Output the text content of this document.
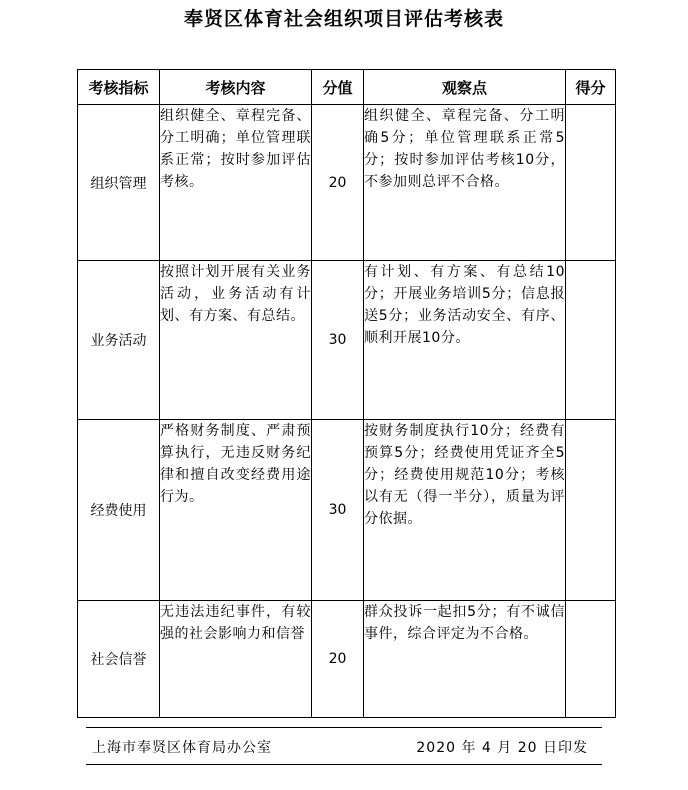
奉贤区体育社会组织项目评估考核表
考核指标	考核内容	分值	观察点	得分
组织管理	组织健全、章程完备、分工明确；单位管理联系正常；按时参加评估考核。	20	组织健全、章程完备、分工明确5分；单位管理联系正常5分；按时参加评估考核10分，不参加则总评不合格。	
业务活动	按照计划开展有关业务活动，业务活动有计划、有方案、有总结。	30	有计划、有方案、有总结10分；开展业务培训5分；信息报送5分；业务活动安全、有序、顺利开展10分。	
经费使用	严格财务制度、严肃预算执行，无违反财务纪律和擅自改变经费用途行为。	30	按财务制度执行10分；经费有预算5分；经费使用凭证齐全5分；经费使用规范10分；考核以有无（得一半分），质量为评分依据。	
社会信誉	无违法违纪事件，有较强的社会影响力和信誉	20	群众投诉一起扣5分；有不诚信事件，综合评定为不合格。	
上海市奉贤区体育局办公室	2020 年 4 月 20 日印发
